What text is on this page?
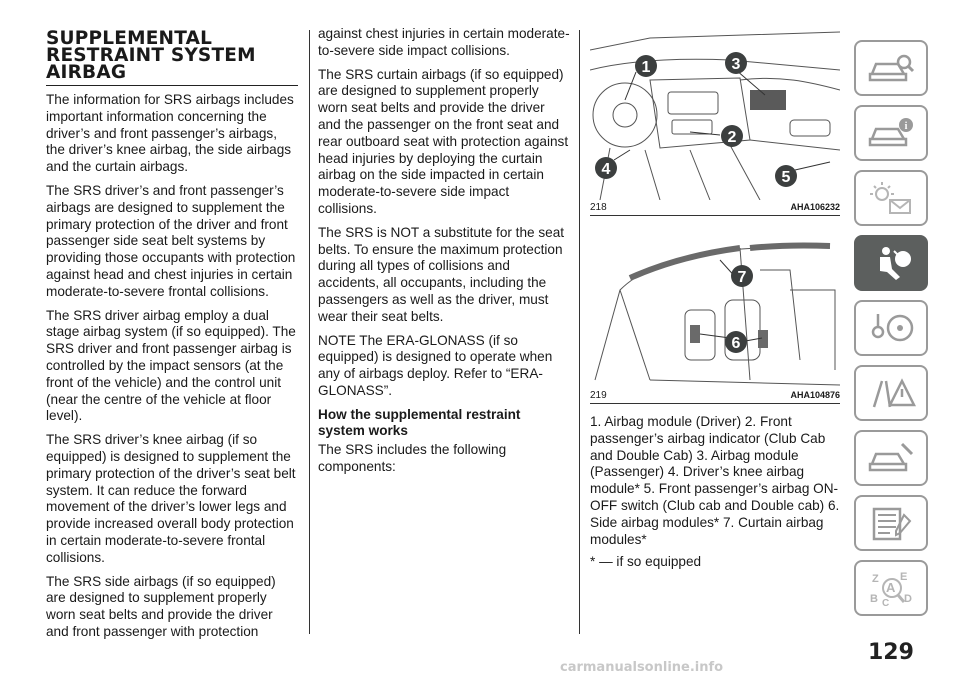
SUPPLEMENTAL
RESTRAINT SYSTEM
AIRBAG

The information for SRS airbags includes important information concerning the driver’s and front passenger’s airbags, the driver’s knee airbag, the side airbags and the curtain airbags.

The SRS driver’s and front passenger’s airbags are designed to supplement the primary protection of the driver and front passenger side seat belt systems by providing those occupants with protection against head and chest injuries in certain moderate-to-severe frontal collisions.

The SRS driver airbag employ a dual stage airbag system (if so equipped). The SRS driver and front passenger airbag is controlled by the impact sensors (at the front of the vehicle) and the control unit (near the centre of the vehicle at floor level).

The SRS driver’s knee airbag (if so equipped) is designed to supplement the primary protection of the driver’s seat belt system. It can reduce the forward movement of the driver’s lower legs and provide increased overall body protection in certain moderate-to-severe frontal collisions.

The SRS side airbags (if so equipped) are designed to supplement properly worn seat belts and provide the driver and front passenger with protection

against chest injuries in certain moderate-to-severe side impact collisions.

The SRS curtain airbags (if so equipped) are designed to supplement properly worn seat belts and provide the driver and the passenger on the front seat and rear outboard seat with protection against head injuries by deploying the curtain airbag on the side impacted in certain moderate-to-severe side impact collisions.

The SRS is NOT a substitute for the seat belts. To ensure the maximum protection during all types of collisions and accidents, all occupants, including the passengers as well as the driver, must wear their seat belts.

NOTE The ERA-GLONASS (if so equipped) is designed to operate when any of airbags deploy. Refer to “ERA-GLONASS”.

How the supplemental restraint system works

The SRS includes the following components:

1	3
2
4	5
218	AHA106232
7
6
219	AHA104876

1. Airbag module (Driver) 2. Front passenger’s airbag indicator (Club Cab and Double Cab) 3. Airbag module (Passenger) 4. Driver’s knee airbag module* 5. Front passenger’s airbag ON-OFF switch (Club cab and Double cab) 6. Side airbag modules* 7. Curtain airbag modules*

* — if so equipped

i
Z E
A
B C D
129
carmanualsonline.info
